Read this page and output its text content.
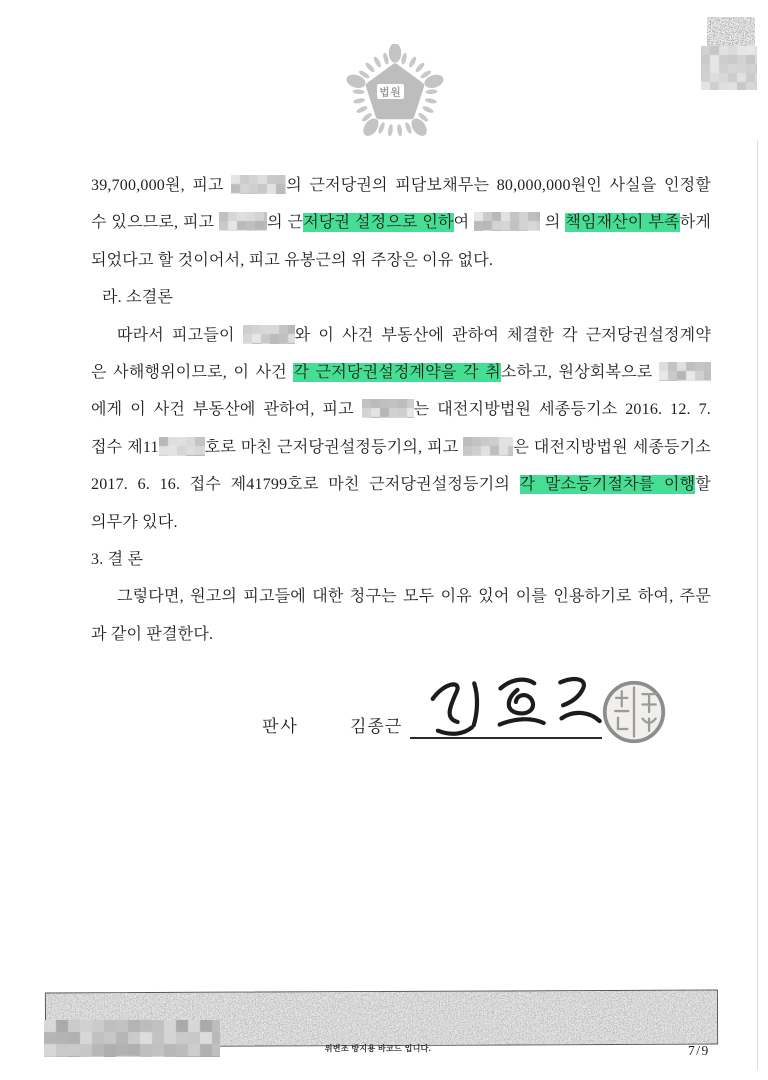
법원
39,700,000원, 피고	의 근저당권의 피담보채무는 80,000,000원인 사실을 인정할
수 있으므로, 피고	의 근저당권 설정으로 인하여	의 책임재산이 부족하게
되었다고 할 것이어서, 피고 유봉근의 위 주장은 이유 없다.
라. 소결론
따라서 피고들이	와 이 사건 부동산에 관하여 체결한 각 근저당권설정계약
은 사해행위이므로, 이 사건 각 근저당권설정계약을 각 취소하고, 원상회복으로
에게 이 사건 부동산에 관하여, 피고	는 대전지방법원 세종등기소 2016. 12. 7.
접수 제11	호로 마친 근저당권설정등기의, 피고	은 대전지방법원 세종등기소
2017. 6. 16. 접수 제41799호로 마친 근저당권설정등기의 각 말소등기절차를 이행할
의무가 있다.
3. 결 론
그렇다면, 원고의 피고들에 대한 청구는 모두 이유 있어 이를 인용하기로 하여, 주문
과 같이 판결한다.
판사	김종근
위변조 방지용 바코드 입니다.	7/9
